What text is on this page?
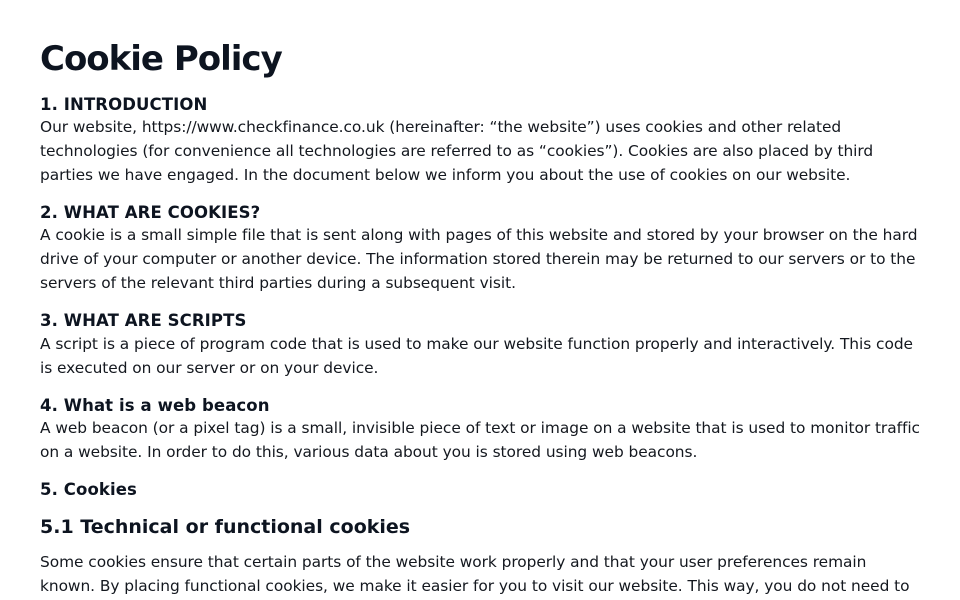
Cookie Policy
1. INTRODUCTION

Our website, https://www.checkfinance.co.uk (hereinafter: “the website”) uses cookies and other related technologies (for convenience all technologies are referred to as “cookies”). Cookies are also placed by third parties we have engaged. In the document below we inform you about the use of cookies on our website.

2. WHAT ARE COOKIES?

A cookie is a small simple file that is sent along with pages of this website and stored by your browser on the hard drive of your computer or another device. The information stored therein may be returned to our servers or to the servers of the relevant third parties during a subsequent visit.

3. WHAT ARE SCRIPTS

A script is a piece of program code that is used to make our website function properly and interactively. This code is executed on our server or on your device.

4. What is a web beacon

A web beacon (or a pixel tag) is a small, invisible piece of text or image on a website that is used to monitor traffic on a website. In order to do this, various data about you is stored using web beacons.

5. Cookies
5.1 Technical or functional cookies

Some cookies ensure that certain parts of the website work properly and that your user preferences remain known. By placing functional cookies, we make it easier for you to visit our website. This way, you do not need to
